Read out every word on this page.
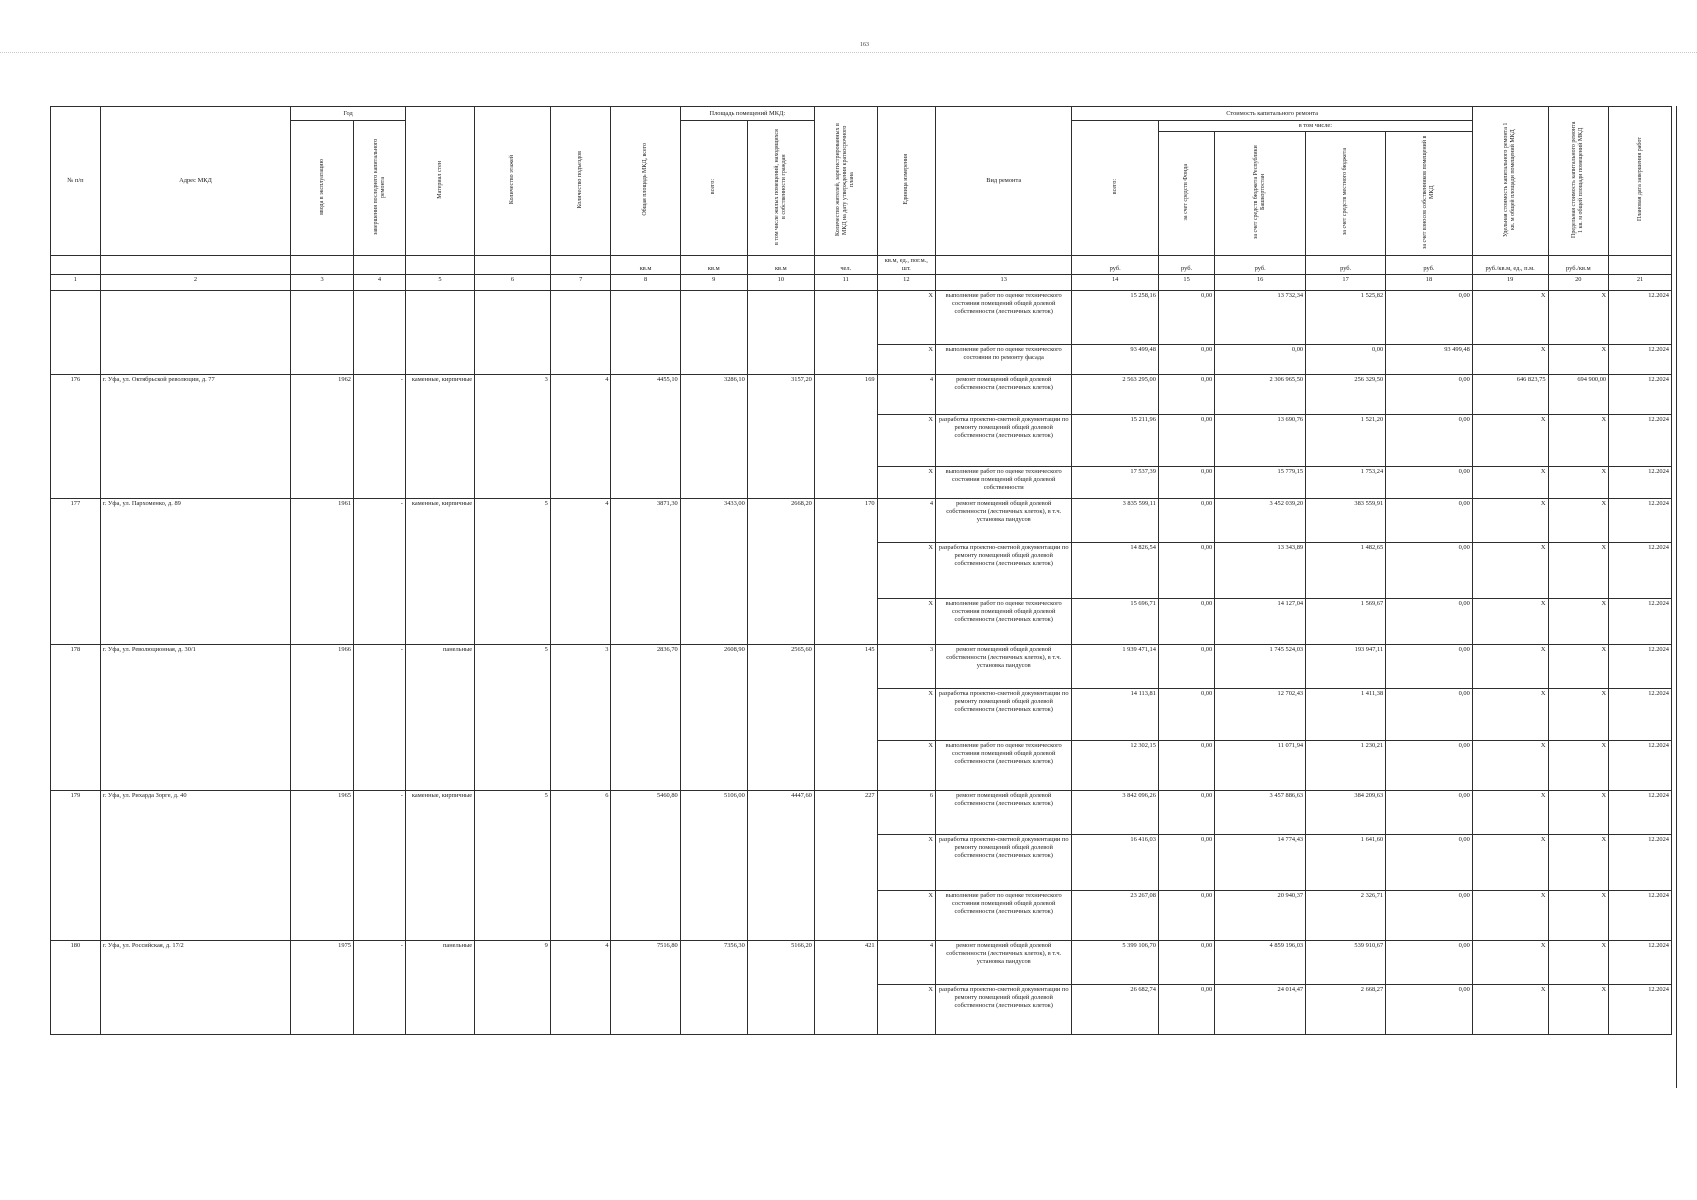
163
№ п/п	Адрес МКД	Год		Материал стен	Количество этажей	Количество подъездов	Общая площадь МКД, всего	Площадь помещений МКД:		Количество жителей, зарегистрированных в МКД на дату утверждения краткосрочного плана	Единица измерения	Вид ремонта	Стоимость капитального ремонта					Удельная стоимость капитального ремонта 1 кв. м общей площади помещений МКД	Предельная стоимость капитального ремонта 1 кв. м общей площади помещений МКД	Плановая дата завершения работ
		ввода в эксплуатацию	завершения последнего капитального ремонта					всего:	в том числе жилых помещений, находящихся в собственности граждан				всего:	в том числе:						
														за счет средств Фонда	за счет средств бюджета Республики Башкортостан	за счет средств местного бюджета	за счет взносов собственников помещений в МКД			
							кв.м	кв.м	кв.м	чел.	кв.м, ед., пог.м., шт.		руб.	руб.	руб.	руб.	руб.	руб./кв.м, ед., п.м.	руб./кв.м	
1	2	3	4	5	6	7	8	9	10	11	12	13	14	15	16	17	18	19	20	21
											Х	выполнение работ по оценке технического состояния помещений общей долевой собственности (лестничных клеток)	15 258,16	0,00	13 732,34	1 525,82	0,00	Х	Х	12.2024
											Х	выполнение работ по оценке технического состояния по ремонту фасада	93 499,48	0,00	0,00	0,00	93 499,48	Х	Х	12.2024
176	г. Уфа, ул. Октябрьской революции, д. 77	1962	-	каменные, кирпичные	3	4	4455,10	3286,10	3157,20	169	4	ремонт помещений общей долевой собственности (лестничных клеток)	2 563 295,00	0,00	2 306 965,50	256 329,50	0,00	646 823,75	694 900,00	12.2024
											Х	разработка проектно-сметной документации по ремонту помещений общей долевой собственности (лестничных клеток)	15 211,96	0,00	13 690,76	1 521,20	0,00	Х	Х	12.2024
											Х	выполнение работ по оценке технического состояния помещений общей долевой собственности	17 537,39	0,00	15 779,15	1 753,24	0,00	Х	Х	12.2024
177	г. Уфа, ул. Пархоменко, д. 89	1961	-	каменные, кирпичные	5	4	3871,30	3433,00	2668,20	170	4	ремонт помещений общей долевой собственности (лестничных клеток), в т.ч. установка пандусов	3 835 599,11	0,00	3 452 039,20	383 559,91	0,00	Х	Х	12.2024
											Х	разработка проектно-сметной документации по ремонту помещений общей долевой собственности (лестничных клеток)	14 826,54	0,00	13 343,89	1 482,65	0,00	Х	Х	12.2024
											Х	выполнение работ по оценке технического состояния помещений общей долевой собственности (лестничных клеток)	15 696,71	0,00	14 127,04	1 569,67	0,00	Х	Х	12.2024
178	г. Уфа, ул. Революционная, д. 30/1	1966	-	панельные	5	3	2836,70	2608,90	2565,60	145	3	ремонт помещений общей долевой собственности (лестничных клеток), в т.ч. установка пандусов	1 939 471,14	0,00	1 745 524,03	193 947,11	0,00	Х	Х	12.2024
											Х	разработка проектно-сметной документации по ремонту помещений общей долевой собственности (лестничных клеток)	14 113,81	0,00	12 702,43	1 411,38	0,00	Х	Х	12.2024
											Х	выполнение работ по оценке технического состояния помещений общей долевой собственности (лестничных клеток)	12 302,15	0,00	11 071,94	1 230,21	0,00	Х	Х	12.2024
179	г. Уфа, ул. Рихарда Зорге, д. 40	1965	-	каменные, кирпичные	5	6	5460,80	5106,00	4447,60	227	6	ремонт помещений общей долевой собственности (лестничных клеток)	3 842 096,26	0,00	3 457 886,63	384 209,63	0,00	Х	Х	12.2024
											Х	разработка проектно-сметной документации по ремонту помещений общей долевой собственности (лестничных клеток)	16 416,03	0,00	14 774,43	1 641,60	0,00	Х	Х	12.2024
											Х	выполнение работ по оценке технического состояния помещений общей долевой собственности (лестничных клеток)	23 267,08	0,00	20 940,37	2 326,71	0,00	Х	Х	12.2024
180	г. Уфа, ул. Российская, д. 17/2	1975	-	панельные	9	4	7516,80	7356,30	5166,20	421	4	ремонт помещений общей долевой собственности (лестничных клеток), в т.ч. установка пандусов	5 399 106,70	0,00	4 859 196,03	539 910,67	0,00	Х	Х	12.2024
											Х	разработка проектно-сметной документации по ремонту помещений общей долевой собственности (лестничных клеток)	26 682,74	0,00	24 014,47	2 668,27	0,00	Х	Х	12.2024
